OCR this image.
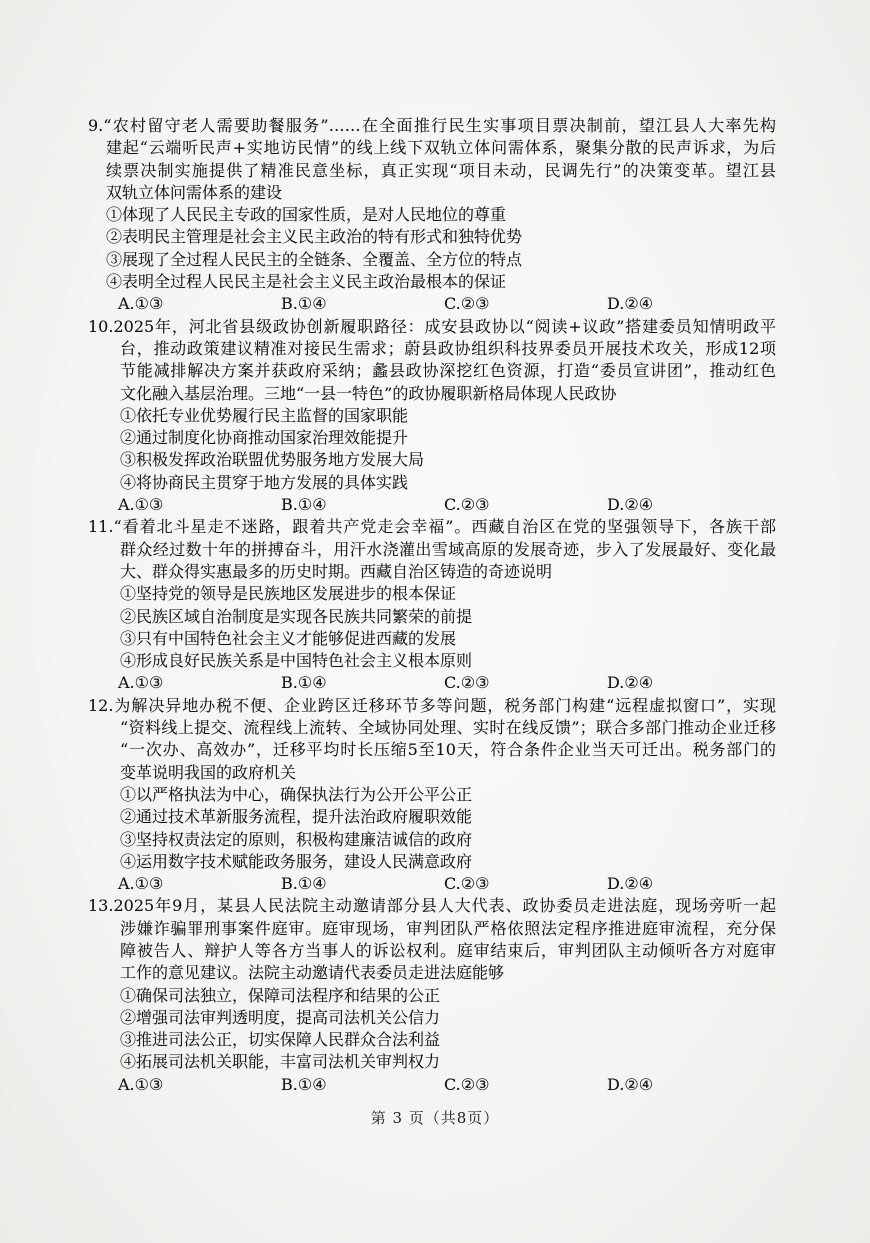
9.“农村留守老人需要助餐服务”……在全面推行民生实事项目票决制前，望江县人大率先构
建起“云端听民声+实地访民情”的线上线下双轨立体问需体系，聚集分散的民声诉求，为后
续票决制实施提供了精准民意坐标，真正实现“项目未动，民调先行”的决策变革。望江县
双轨立体问需体系的建设
①体现了人民民主专政的国家性质，是对人民地位的尊重
②表明民主管理是社会主义民主政治的特有形式和独特优势
③展现了全过程人民民主的全链条、全覆盖、全方位的特点
④表明全过程人民民主是社会主义民主政治最根本的保证
A.①③	B.①④	C.②③	D.②④
10.2025年，河北省县级政协创新履职路径：成安县政协以“阅读+议政”搭建委员知情明政平
台，推动政策建议精准对接民生需求；蔚县政协组织科技界委员开展技术攻关，形成12项
节能减排解决方案并获政府采纳；蠡县政协深挖红色资源，打造“委员宣讲团”，推动红色
文化融入基层治理。三地“一县一特色”的政协履职新格局体现人民政协
①依托专业优势履行民主监督的国家职能
②通过制度化协商推动国家治理效能提升
③积极发挥政治联盟优势服务地方发展大局
④将协商民主贯穿于地方发展的具体实践
A.①③	B.①④	C.②③	D.②④
11.“看着北斗星走不迷路，跟着共产党走会幸福”。西藏自治区在党的坚强领导下，各族干部
群众经过数十年的拼搏奋斗，用汗水浇灌出雪域高原的发展奇迹，步入了发展最好、变化最
大、群众得实惠最多的历史时期。西藏自治区铸造的奇迹说明
①坚持党的领导是民族地区发展进步的根本保证
②民族区域自治制度是实现各民族共同繁荣的前提
③只有中国特色社会主义才能够促进西藏的发展
④形成良好民族关系是中国特色社会主义根本原则
A.①③	B.①④	C.②③	D.②④
12.为解决异地办税不便、企业跨区迁移环节多等问题，税务部门构建“远程虚拟窗口”，实现
“资料线上提交、流程线上流转、全域协同处理、实时在线反馈”；联合多部门推动企业迁移
“一次办、高效办”，迁移平均时长压缩5至10天，符合条件企业当天可迁出。税务部门的
变革说明我国的政府机关
①以严格执法为中心，确保执法行为公开公平公正
②通过技术革新服务流程，提升法治政府履职效能
③坚持权责法定的原则，积极构建廉洁诚信的政府
④运用数字技术赋能政务服务，建设人民满意政府
A.①③	B.①④	C.②③	D.②④
13.2025年9月，某县人民法院主动邀请部分县人大代表、政协委员走进法庭，现场旁听一起
涉嫌诈骗罪刑事案件庭审。庭审现场，审判团队严格依照法定程序推进庭审流程，充分保
障被告人、辩护人等各方当事人的诉讼权利。庭审结束后，审判团队主动倾听各方对庭审
工作的意见建议。法院主动邀请代表委员走进法庭能够
①确保司法独立，保障司法程序和结果的公正
②增强司法审判透明度，提高司法机关公信力
③推进司法公正，切实保障人民群众合法利益
④拓展司法机关职能，丰富司法机关审判权力
A.①③	B.①④	C.②③	D.②④
第 3 页（共8页）
